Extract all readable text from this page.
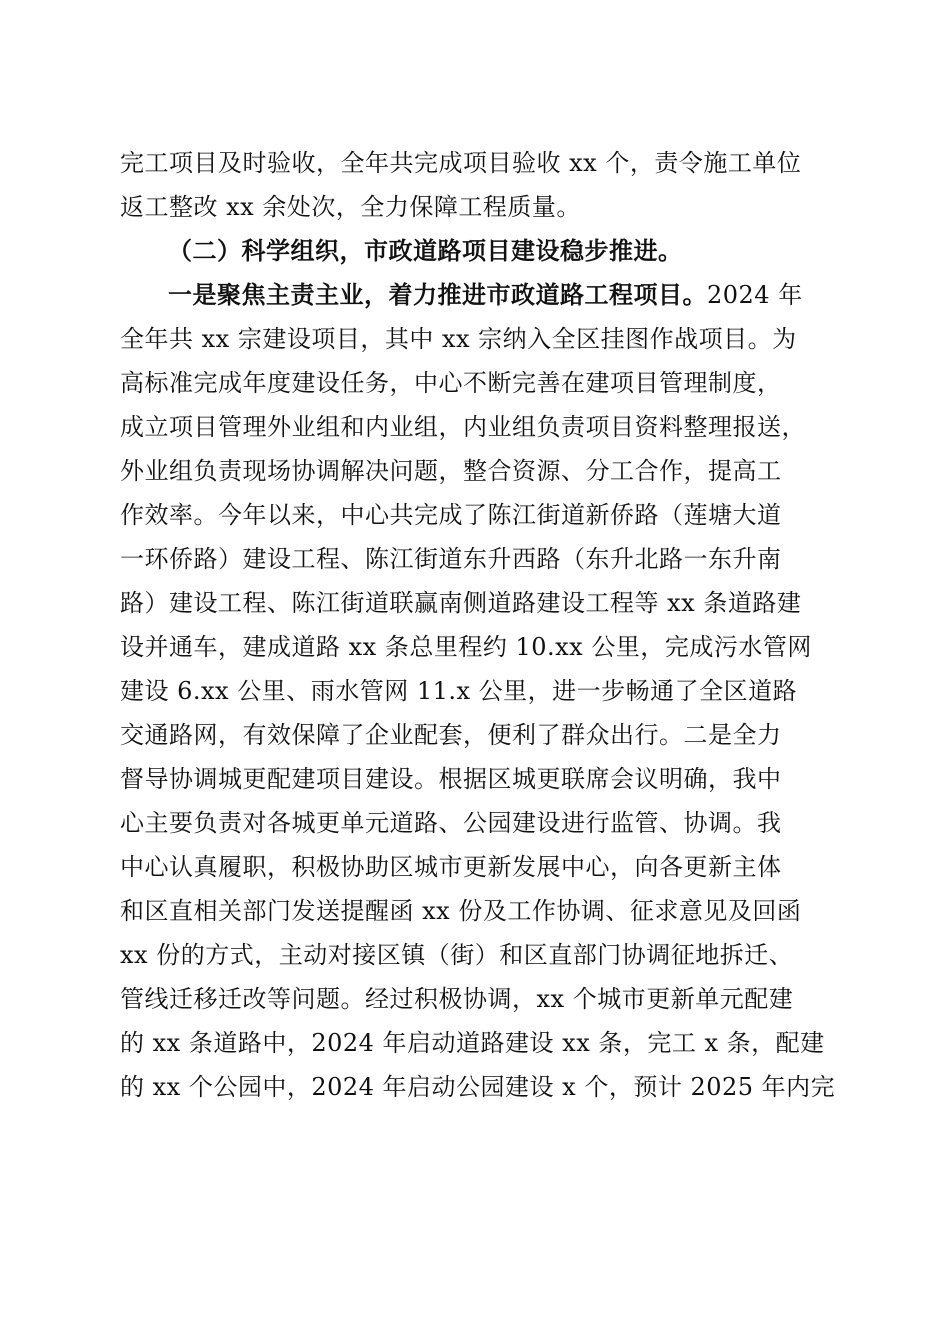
完工项目及时验收，全年共完成项目验收 xx 个，责令施工单位
返工整改 xx 余处次，全力保障工程质量。
（二）科学组织，市政道路项目建设稳步推进。
一是聚焦主责主业，着力推进市政道路工程项目。2024 年
全年共 xx 宗建设项目，其中 xx 宗纳入全区挂图作战项目。为
高标准完成年度建设任务，中心不断完善在建项目管理制度，
成立项目管理外业组和内业组，内业组负责项目资料整理报送，
外业组负责现场协调解决问题，整合资源、分工合作，提高工
作效率。今年以来，中心共完成了陈江街道新侨路（莲塘大道
一环侨路）建设工程、陈江街道东升西路（东升北路一东升南
路）建设工程、陈江街道联赢南侧道路建设工程等 xx 条道路建
设并通车，建成道路 xx 条总里程约 10.xx 公里，完成污水管网
建设 6.xx 公里、雨水管网 11.x 公里，进一步畅通了全区道路
交通路网，有效保障了企业配套，便利了群众出行。二是全力
督导协调城更配建项目建设。根据区城更联席会议明确，我中
心主要负责对各城更单元道路、公园建设进行监管、协调。我
中心认真履职，积极协助区城市更新发展中心，向各更新主体
和区直相关部门发送提醒函 xx 份及工作协调、征求意见及回函
xx 份的方式，主动对接区镇（街）和区直部门协调征地拆迁、
管线迁移迁改等问题。经过积极协调，xx 个城市更新单元配建
的 xx 条道路中，2024 年启动道路建设 xx 条，完工 x 条，配建
的 xx 个公园中，2024 年启动公园建设 x 个，预计 2025 年内完
